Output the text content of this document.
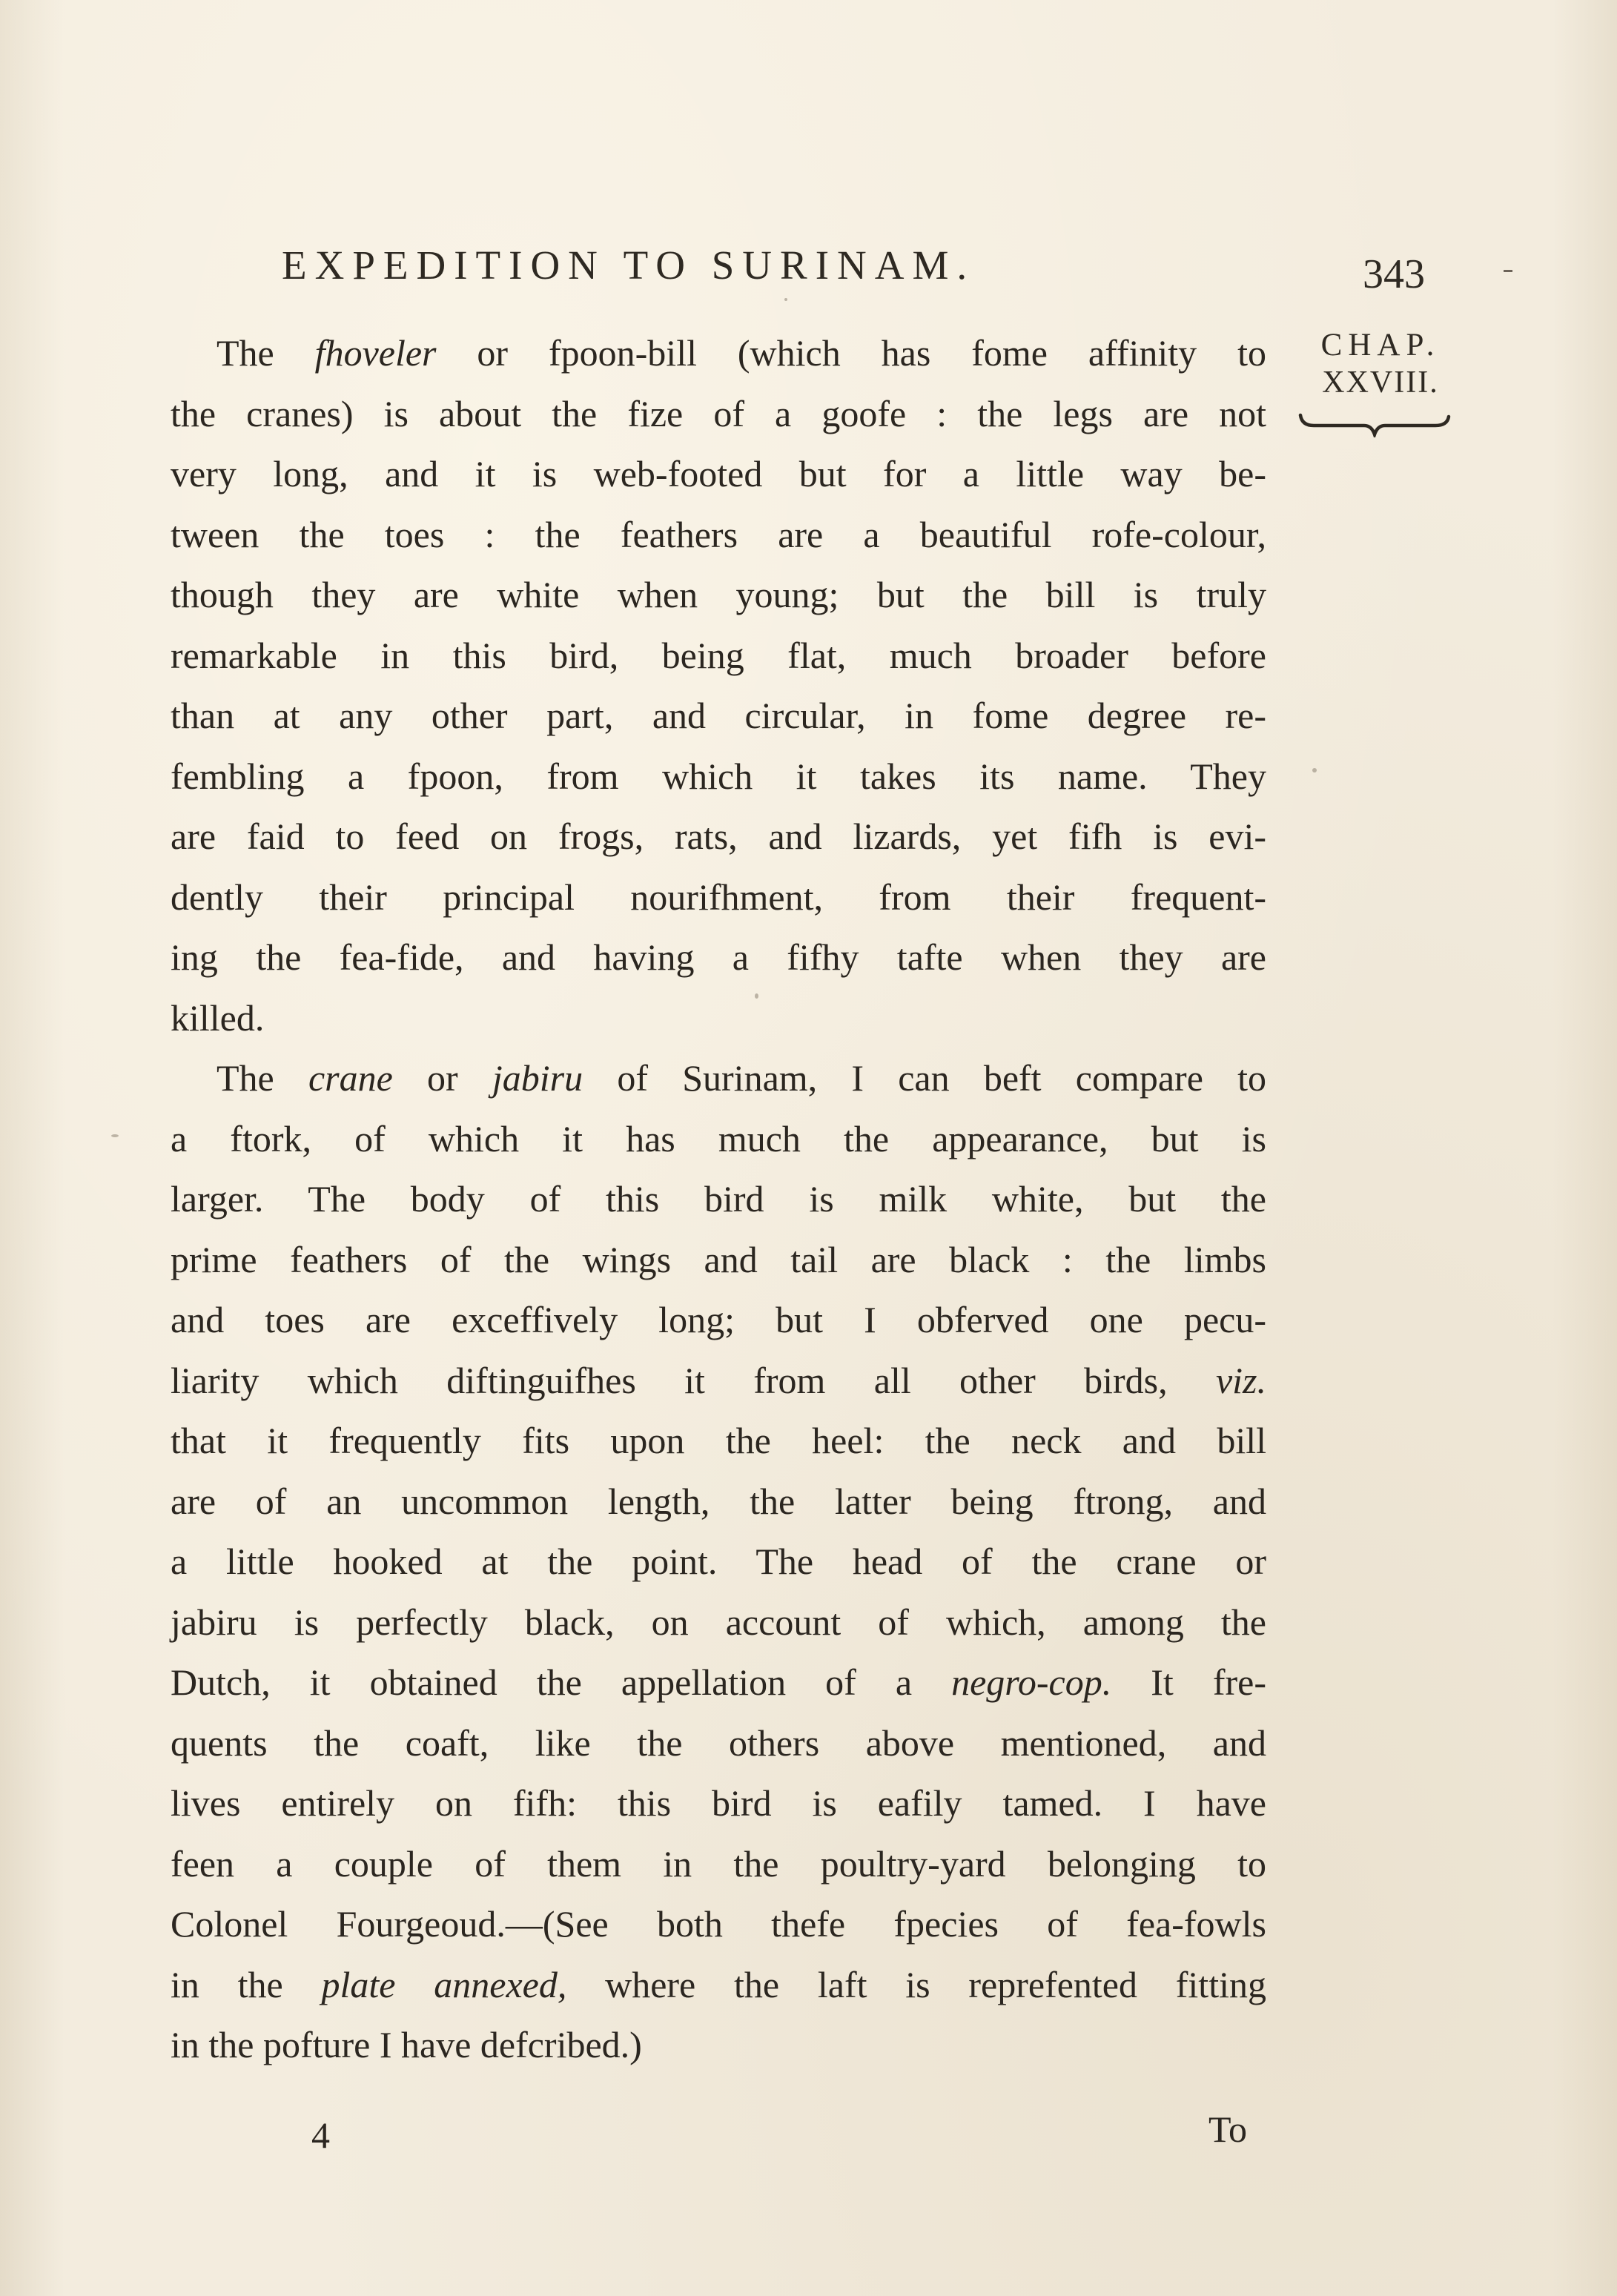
EXPEDITION TO SURINAM.	343
CHAP.
XXVIII.

The fhoveler or fpoon-bill (which has fome affinity to
the cranes) is about the fize of a goofe : the legs are not
very long, and it is web-footed but for a little way be-
tween the toes : the feathers are a beautiful rofe-colour,
though they are white when young; but the bill is truly
remarkable in this bird, being flat, much broader before
than at any other part, and circular, in fome degree re-
fembling a fpoon, from which it takes its name. They
are faid to feed on frogs, rats, and lizards, yet fifh is evi-
dently their principal nourifhment, from their frequent-
ing the fea-fide, and having a fifhy tafte when they are
killed.

The crane or jabiru of Surinam, I can beft compare to
a ftork, of which it has much the appearance, but is
larger. The body of this bird is milk white, but the
prime feathers of the wings and tail are black : the limbs
and toes are exceffively long; but I obferved one pecu-
liarity which diftinguifhes it from all other birds, viz.
that it frequently fits upon the heel: the neck and bill
are of an uncommon length, the latter being ftrong, and
a little hooked at the point. The head of the crane or
jabiru is perfectly black, on account of which, among the
Dutch, it obtained the appellation of a negro-cop. It fre-
quents the coaft, like the others above mentioned, and
lives entirely on fifh: this bird is eafily tamed. I have
feen a couple of them in the poultry-yard belonging to
Colonel Fourgeoud.—(See both thefe fpecies of fea-fowls
in the plate annexed, where the laft is reprefented fitting
in the pofture I have defcribed.)

4	To
